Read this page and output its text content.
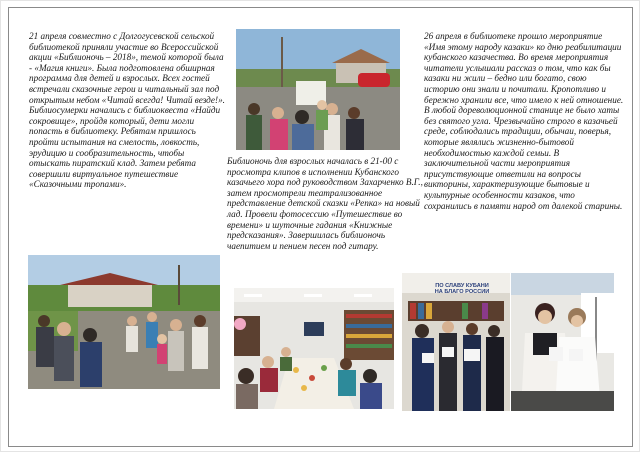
21 апреля совместно с Долгогусевской сельской библиотекой приняли участие во Всероссийской акции «Библионочь – 2018», темой которой была - «Магия книги». Была подготовлена обширная программа для детей и взрослых. Всех гостей встречали сказочные герои и читальный зал под открытым небом «Читай всегда! Читай везде!». Библиосумерки начались с библиоквеста «Найди сокровище», пройдя который, дети могли попасть в библиотеку. Ребятам пришлось пройти испытания на смелость, ловкость, эрудицию и сообразительность, чтобы отыскать пиратский клад. Затем ребята совершили виртуальное путешествие «Сказочными тропами».

Библионочь для взрослых началась в 21-00 с просмотра клипов в исполнении Кубанского казачьего хора под руководством Захарченко В.Г., затем просмотрели театрализованное представление детской сказки «Репка» на новый лад. Провели фотосессию «Путешествие во времени» и шуточные гадания «Книжные предсказания». Завершилась библионочь чаепитием и пением песен под гитару.

26 апреля в библиотеке прошло мероприятие «Имя этому народу казаки» ко дню реабилитации кубанского казачества. Во время мероприятия читатели услышали рассказ о том, что как бы казаки ни жили – бедно или богато, свою историю они знали и почитали. Кропотливо и бережно хранили все, что имело к ней отношение. В любой дореволюционной станице не было хаты без святого угла. Чрезвычайно строго в казачьей среде, соблюдались традиции, обычаи, поверья, которые являлись жизненно-бытовой необходимостью каждой семьи. В заключительной части мероприятия присутствующие ответили на вопросы викторины, характеризующие бытовые и культурные особенности казаков, что сохранились в памяти народ от далекой старины.

ПО СЛАВУ КУБАНИ
НА БЛАГО РОССИИ
